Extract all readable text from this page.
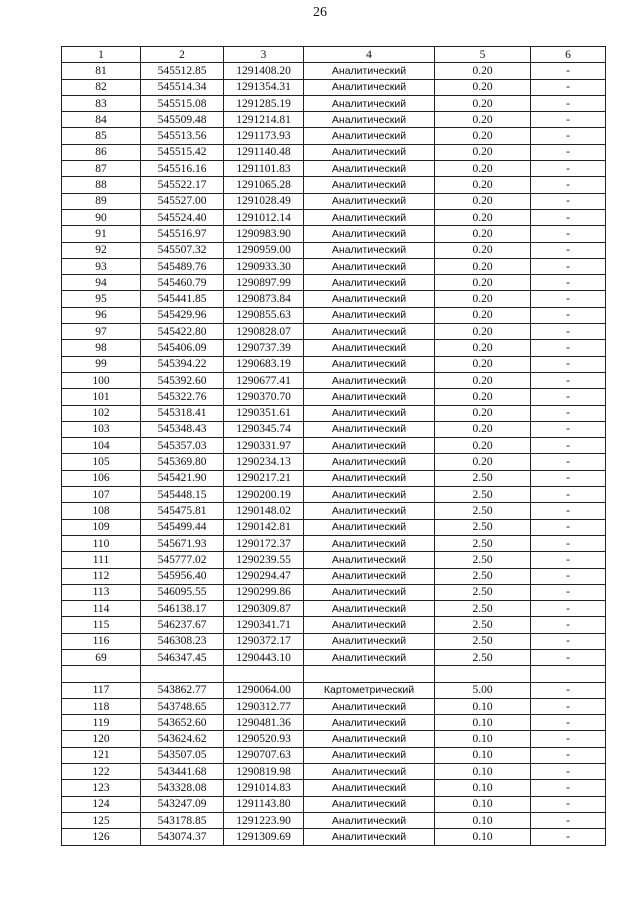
26
1	2	3	4	5	6
81	545512.85	1291408.20	Аналитический	0.20	-
82	545514.34	1291354.31	Аналитический	0.20	-
83	545515.08	1291285.19	Аналитический	0.20	-
84	545509.48	1291214.81	Аналитический	0.20	-
85	545513.56	1291173.93	Аналитический	0.20	-
86	545515.42	1291140.48	Аналитический	0.20	-
87	545516.16	1291101.83	Аналитический	0.20	-
88	545522.17	1291065.28	Аналитический	0.20	-
89	545527.00	1291028.49	Аналитический	0.20	-
90	545524.40	1291012.14	Аналитический	0.20	-
91	545516.97	1290983.90	Аналитический	0.20	-
92	545507.32	1290959.00	Аналитический	0.20	-
93	545489.76	1290933.30	Аналитический	0.20	-
94	545460.79	1290897.99	Аналитический	0.20	-
95	545441.85	1290873.84	Аналитический	0.20	-
96	545429.96	1290855.63	Аналитический	0.20	-
97	545422.80	1290828.07	Аналитический	0.20	-
98	545406.09	1290737.39	Аналитический	0.20	-
99	545394.22	1290683.19	Аналитический	0.20	-
100	545392.60	1290677.41	Аналитический	0.20	-
101	545322.76	1290370.70	Аналитический	0.20	-
102	545318.41	1290351.61	Аналитический	0.20	-
103	545348.43	1290345.74	Аналитический	0.20	-
104	545357.03	1290331.97	Аналитический	0.20	-
105	545369.80	1290234.13	Аналитический	0.20	-
106	545421.90	1290217.21	Аналитический	2.50	-
107	545448.15	1290200.19	Аналитический	2.50	-
108	545475.81	1290148.02	Аналитический	2.50	-
109	545499.44	1290142.81	Аналитический	2.50	-
110	545671.93	1290172.37	Аналитический	2.50	-
111	545777.02	1290239.55	Аналитический	2.50	-
112	545956.40	1290294.47	Аналитический	2.50	-
113	546095.55	1290299.86	Аналитический	2.50	-
114	546138.17	1290309.87	Аналитический	2.50	-
115	546237.67	1290341.71	Аналитический	2.50	-
116	546308.23	1290372.17	Аналитический	2.50	-
69	546347.45	1290443.10	Аналитический	2.50	-

117	543862.77	1290064.00	Картометрический	5.00	-
118	543748.65	1290312.77	Аналитический	0.10	-
119	543652.60	1290481.36	Аналитический	0.10	-
120	543624.62	1290520.93	Аналитический	0.10	-
121	543507.05	1290707.63	Аналитический	0.10	-
122	543441.68	1290819.98	Аналитический	0.10	-
123	543328.08	1291014.83	Аналитический	0.10	-
124	543247.09	1291143.80	Аналитический	0.10	-
125	543178.85	1291223.90	Аналитический	0.10	-
126	543074.37	1291309.69	Аналитический	0.10	-
